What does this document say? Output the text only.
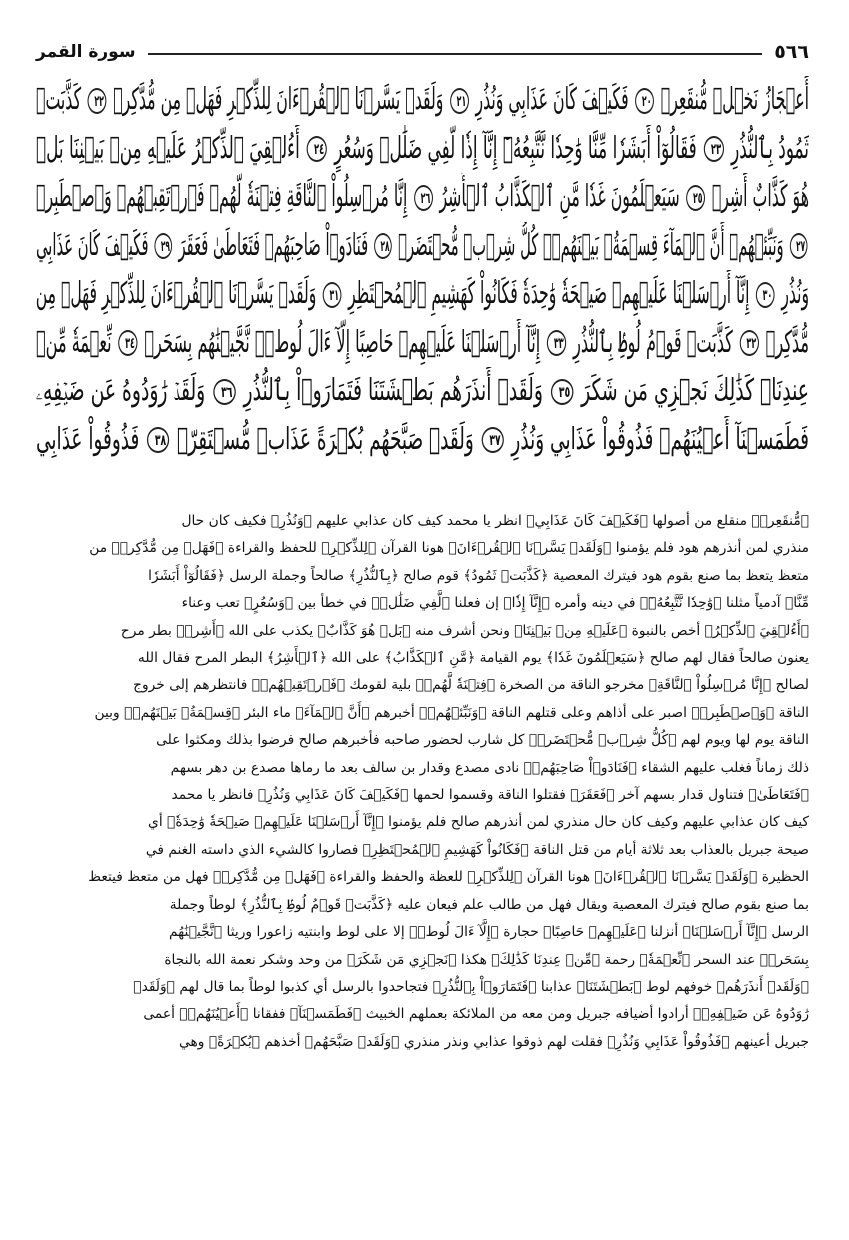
٥٦٦
سورة القمر
أَعۡجَازُ نَخۡلٖ مُّنقَعِرٖ ٢٠ فَكَيۡفَ كَانَ عَذَابِي وَنُذُرِ ٢١ وَلَقَدۡ يَسَّرۡنَا ٱلۡقُرۡءَانَ لِلذِّكۡرِ فَهَلۡ مِن مُّدَّكِرٖ ٢٢ كَذَّبَتۡ
ثَمُودُ بِٱلنُّذُرِ ٢٣ فَقَالُوٓاْ أَبَشَرٗا مِّنَّا وَٰحِدٗا نَّتَّبِعُهُۥٓ إِنَّآ إِذٗا لَّفِي ضَلَٰلٖ وَسُعُرٍ ٢٤ أَءُلۡقِيَ ٱلذِّكۡرُ عَلَيۡهِ مِنۢ بَيۡنِنَا بَلۡ
هُوَ كَذَّابٌ أَشِرٞ ٢٥ سَيَعۡلَمُونَ غَدٗا مَّنِ ٱلۡكَذَّابُ ٱلۡأَشِرُ ٢٦ إِنَّا مُرۡسِلُواْ ٱلنَّاقَةِ فِتۡنَةٗ لَّهُمۡ فَٱرۡتَقِبۡهُمۡ وَٱصۡطَبِرۡ
٢٧ وَنَبِّئۡهُمۡ أَنَّ ٱلۡمَآءَ قِسۡمَةُۢ بَيۡنَهُمۡۖ كُلُّ شِرۡبٖ مُّحۡتَضَرٞ ٢٨ فَنَادَوۡاْ صَاحِبَهُمۡ فَتَعَاطَىٰ فَعَقَرَ ٢٩ فَكَيۡفَ كَانَ عَذَابِي
وَنُذُرِ ٣٠ إِنَّآ أَرۡسَلۡنَا عَلَيۡهِمۡ صَيۡحَةٗ وَٰحِدَةٗ فَكَانُواْ كَهَشِيمِ ٱلۡمُحۡتَظِرِ ٣١ وَلَقَدۡ يَسَّرۡنَا ٱلۡقُرۡءَانَ لِلذِّكۡرِ فَهَلۡ مِن
مُّدَّكِرٖ ٣٢ كَذَّبَتۡ قَوۡمُ لُوطِۢ بِٱلنُّذُرِ ٣٣ إِنَّآ أَرۡسَلۡنَا عَلَيۡهِمۡ حَاصِبًا إِلَّآ ءَالَ لُوطٖۖ نَّجَّيۡنَٰهُم بِسَحَرٖ ٣٤ نِّعۡمَةٗ مِّنۡ
عِندِنَاۚ كَذَٰلِكَ نَجۡزِي مَن شَكَرَ ٣٥ وَلَقَدۡ أَنذَرَهُم بَطۡشَتَنَا فَتَمَارَوۡاْ بِٱلنُّذُرِ ٣٦ وَلَقَدۡ رَٰوَدُوهُ عَن ضَيۡفِهِۦ
فَطَمَسۡنَآ أَعۡيُنَهُمۡ فَذُوقُواْ عَذَابِي وَنُذُرِ ٣٧ وَلَقَدۡ صَبَّحَهُم بُكۡرَةً عَذَابٞ مُّسۡتَقِرّٞ ٣٨ فَذُوقُواْ عَذَابِي
﴿مُّنقَعِرٖ﴾ منقلع من أصولها ﴿فَكَيۡفَ كَانَ عَذَابِي﴾ انظر يا محمد كيف كان عذابي عليهم ﴿وَنُذُرِ﴾ فكيف كان حال
منذري لمن أنذرهم هود فلم يؤمنوا ﴿وَلَقَدۡ يَسَّرۡنَا ٱلۡقُرۡءَانَ﴾ هونا القرآن ﴿لِلذِّكۡرِ﴾ للحفظ والقراءة ﴿فَهَلۡ مِن مُّدَّكِرٖ﴾ من
متعظ يتعظ بما صنع بقوم هود فيترك المعصية ﴿كَذَّبَتۡ ثَمُودُ﴾ قوم صالح ﴿بِٱلنُّذُرِ﴾ صالحاً وجملة الرسل ﴿فَقَالُوٓاْ أَبَشَرٗا
مِّنَّا﴾ آدمياً مثلنا ﴿وَٰحِدٗا نَّتَّبِعُهُۥٓ﴾ في دينه وأمره ﴿إِنَّآ إِذٗا﴾ إن فعلنا ﴿لَّفِي ضَلَٰلٖ﴾ في خطأ بين ﴿وَسُعُرٍ﴾ تعب وعناء
﴿أَءُلۡقِيَ ٱلذِّكۡرُ﴾ أخص بالنبوة ﴿عَلَيۡهِ مِنۢ بَيۡنِنَا﴾ ونحن أشرف منه ﴿بَلۡ هُوَ كَذَّابٌ﴾ يكذب على الله ﴿أَشِرٞ﴾ بطر مرح
يعنون صالحاً فقال لهم صالح ﴿سَيَعۡلَمُونَ غَدٗا﴾ يوم القيامة ﴿مَّنِ ٱلۡكَذَّابُ﴾ على الله ﴿ٱلۡأَشِرُ﴾ البطر المرح فقال الله
لصالح ﴿إِنَّا مُرۡسِلُواْ ٱلنَّاقَةِ﴾ مخرجو الناقة من الصخرة ﴿فِتۡنَةٗ لَّهُمۡ﴾ بلية لقومك ﴿فَٱرۡتَقِبۡهُمۡ﴾ فانتظرهم إلى خروج
الناقة ﴿وَٱصۡطَبِرۡ﴾ اصبر على أذاهم وعلى قتلهم الناقة ﴿وَنَبِّئۡهُمۡ﴾ أخبرهم ﴿أَنَّ ٱلۡمَآءَ﴾ ماء البئر ﴿قِسۡمَةُۢ بَيۡنَهُمۡ﴾ وبين
الناقة يوم لها ويوم لهم ﴿كُلُّ شِرۡبٖ مُّحۡتَضَرٞ﴾ كل شارب لحضور صاحبه فأخبرهم صالح فرضوا بذلك ومكثوا على
ذلك زماناً فغلب عليهم الشقاء ﴿فَنَادَوۡاْ صَاحِبَهُمۡ﴾ نادى مصدع وقدار بن سالف بعد ما رماها مصدع بن دهر بسهم
﴿فَتَعَاطَىٰ﴾ فتناول قدار بسهم آخر ﴿فَعَقَرَ﴾ فقتلوا الناقة وقسموا لحمها ﴿فَكَيۡفَ كَانَ عَذَابِي وَنُذُرِ﴾ فانظر يا محمد
كيف كان عذابي عليهم وكيف كان حال منذري لمن أنذرهم صالح فلم يؤمنوا ﴿إِنَّآ أَرۡسَلۡنَا عَلَيۡهِمۡ صَيۡحَةٗ وَٰحِدَةٗ﴾ أي
صيحة جبريل بالعذاب بعد ثلاثة أيام من قتل الناقة ﴿فَكَانُواْ كَهَشِيمِ ٱلۡمُحۡتَظِرِ﴾ فصاروا كالشيء الذي داسته الغنم في
الحظيرة ﴿وَلَقَدۡ يَسَّرۡنَا ٱلۡقُرۡءَانَ﴾ هونا القرآن ﴿لِلذِّكۡرِ﴾ للعظة والحفظ والقراءة ﴿فَهَلۡ مِن مُّدَّكِرٖ﴾ فهل من متعظ فيتعظ
بما صنع بقوم صالح فيترك المعصية ويقال فهل من طالب علم فيعان عليه ﴿كَذَّبَتۡ قَوۡمُ لُوطِۢ بِٱلنُّذُرِ﴾ لوطاً وجملة
الرسل ﴿إِنَّآ أَرۡسَلۡنَا﴾ أنزلنا ﴿عَلَيۡهِمۡ حَاصِبًا﴾ حجارة ﴿إِلَّآ ءَالَ لُوطٖ﴾ إلا على لوط وابنتيه زاعورا وريثا ﴿نَّجَّيۡنَٰهُم
بِسَحَرٖ﴾ عند السحر ﴿نِّعۡمَةٗ﴾ رحمة ﴿مِّنۡ عِندِنَا كَذَٰلِكَ﴾ هكذا ﴿نَجۡزِي مَن شَكَرَ﴾ من وحد وشكر نعمة الله بالنجاة
﴿وَلَقَدۡ أَنذَرَهُم﴾ خوفهم لوط ﴿بَطۡشَتَنَا﴾ عذابنا ﴿فَتَمَارَوۡاْ بِٱلنُّذُرِ﴾ فتجاحدوا بالرسل أي كذبوا لوطاً بما قال لهم ﴿وَلَقَدۡ
رَٰوَدُوهُ عَن ضَيۡفِهِۦ﴾ أرادوا أضيافه جبريل ومن معه من الملائكة بعملهم الخبيث ﴿فَطَمَسۡنَآ﴾ ففقانا ﴿أَعۡيُنَهُمۡ﴾ أعمى
جبريل أعينهم ﴿فَذُوقُواْ عَذَابِي وَنُذُرِ﴾ فقلت لهم ذوقوا عذابي ونذر منذري ﴿وَلَقَدۡ صَبَّحَهُم﴾ أخذهم ﴿بُكۡرَةً﴾ وهي
